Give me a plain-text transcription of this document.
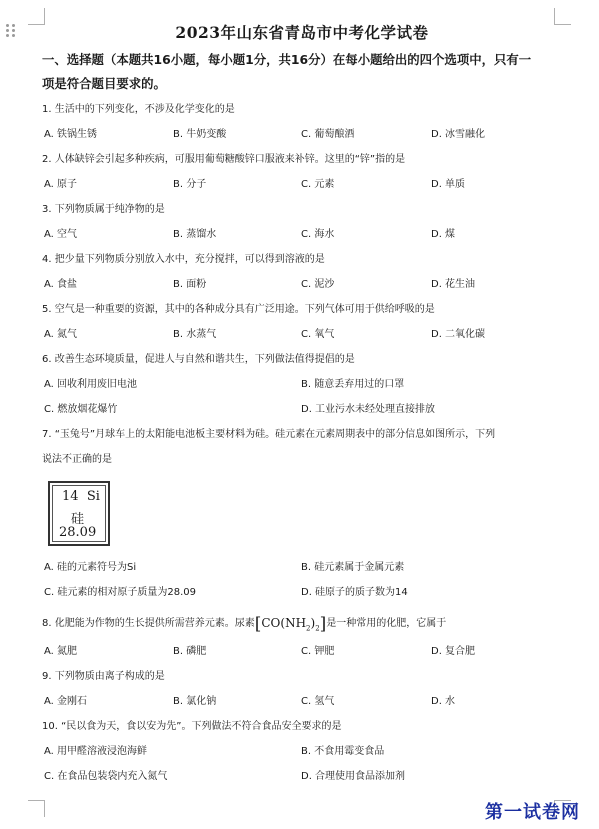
2023年山东省青岛市中考化学试卷
一、选择题（本题共16小题，每小题1分，共16分）在每小题给出的四个选项中，只有一
项是符合题目要求的。
1. 生活中的下列变化，不涉及化学变化的是
A. 铁锅生锈	B. 牛奶变酸	C. 葡萄酿酒	D. 冰雪融化
2. 人体缺锌会引起多种疾病，可服用葡萄糖酸锌口服液来补锌。这里的“锌”指的是
A. 原子	B. 分子	C. 元素	D. 单质
3. 下列物质属于纯净物的是
A. 空气	B. 蒸馏水	C. 海水	D. 煤
4. 把少量下列物质分别放入水中，充分搅拌，可以得到溶液的是
A. 食盐	B. 面粉	C. 泥沙	D. 花生油
5. 空气是一种重要的资源，其中的各种成分具有广泛用途。下列气体可用于供给呼吸的是
A. 氮气	B. 水蒸气	C. 氧气	D. 二氧化碳
6. 改善生态环境质量，促进人与自然和谐共生，下列做法值得提倡的是
A. 回收利用废旧电池	B. 随意丢弃用过的口罩
C. 燃放烟花爆竹	D. 工业污水未经处理直接排放
7. “玉兔号”月球车上的太阳能电池板主要材料为硅。硅元素在元素周期表中的部分信息如图所示，下列
说法不正确的是
14 Si
硅
28.09
A. 硅的元素符号为Si	B. 硅元素属于金属元素
C. 硅元素的相对原子质量为28.09	D. 硅原子的质子数为14
8. 化肥能为作物的生长提供所需营养元素。尿素$[CO(NH_2)_2]$是一种常用的化肥，它属于
A. 氮肥	B. 磷肥	C. 钾肥	D. 复合肥
9. 下列物质由离子构成的是
A. 金刚石	B. 氯化钠	C. 氢气	D. 水
10. “民以食为天，食以安为先”。下列做法不符合食品安全要求的是
A. 用甲醛溶液浸泡海鲜	B. 不食用霉变食品
C. 在食品包装袋内充入氮气	D. 合理使用食品添加剂
第一试卷网
